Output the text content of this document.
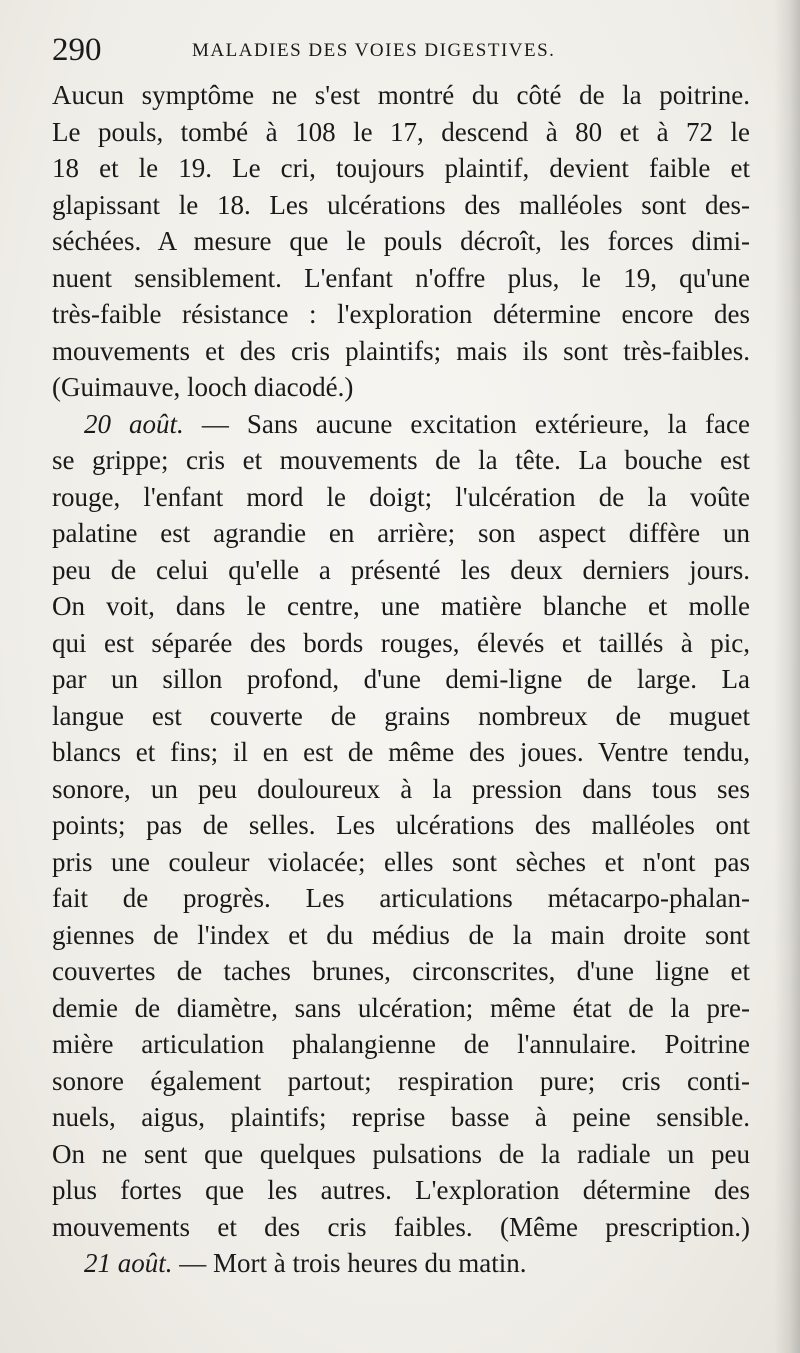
290	MALADIES DES VOIES DIGESTIVES.
Aucun symptôme ne s'est montré du côté de la poitrine.
Le pouls, tombé à 108 le 17, descend à 80 et à 72 le
18 et le 19. Le cri, toujours plaintif, devient faible et
glapissant le 18. Les ulcérations des malléoles sont des-
séchées. A mesure que le pouls décroît, les forces dimi-
nuent sensiblement. L'enfant n'offre plus, le 19, qu'une
très-faible résistance : l'exploration détermine encore des
mouvements et des cris plaintifs; mais ils sont très-faibles.
(Guimauve, looch diacodé.)
20 août. — Sans aucune excitation extérieure, la face
se grippe; cris et mouvements de la tête. La bouche est
rouge, l'enfant mord le doigt; l'ulcération de la voûte
palatine est agrandie en arrière; son aspect diffère un
peu de celui qu'elle a présenté les deux derniers jours.
On voit, dans le centre, une matière blanche et molle
qui est séparée des bords rouges, élevés et taillés à pic,
par un sillon profond, d'une demi-ligne de large. La
langue est couverte de grains nombreux de muguet
blancs et fins; il en est de même des joues. Ventre tendu,
sonore, un peu douloureux à la pression dans tous ses
points; pas de selles. Les ulcérations des malléoles ont
pris une couleur violacée; elles sont sèches et n'ont pas
fait de progrès. Les articulations métacarpo-phalan-
giennes de l'index et du médius de la main droite sont
couvertes de taches brunes, circonscrites, d'une ligne et
demie de diamètre, sans ulcération; même état de la pre-
mière articulation phalangienne de l'annulaire. Poitrine
sonore également partout; respiration pure; cris conti-
nuels, aigus, plaintifs; reprise basse à peine sensible.
On ne sent que quelques pulsations de la radiale un peu
plus fortes que les autres. L'exploration détermine des
mouvements et des cris faibles. (Même prescription.)
21 août. — Mort à trois heures du matin.
